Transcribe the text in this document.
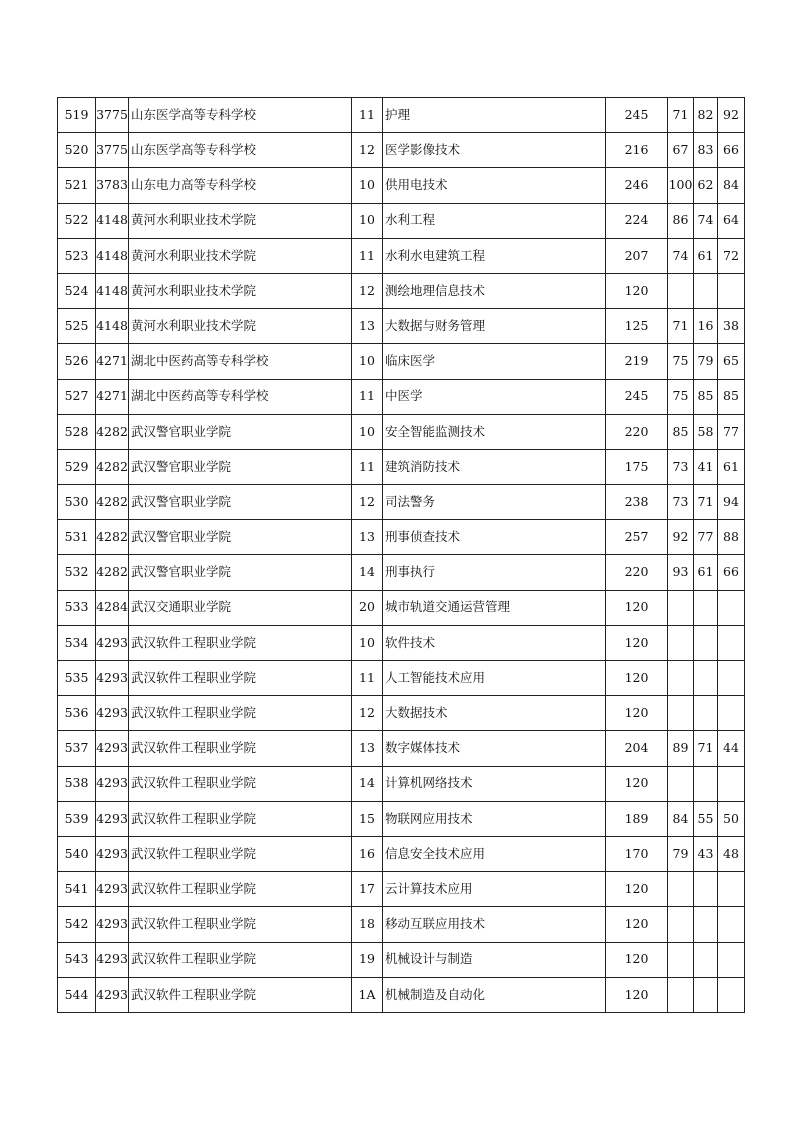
519	3775	山东医学高等专科学校	11	护理	245	71	82	92
520	3775	山东医学高等专科学校	12	医学影像技术	216	67	83	66
521	3783	山东电力高等专科学校	10	供用电技术	246	100	62	84
522	4148	黄河水利职业技术学院	10	水利工程	224	86	74	64
523	4148	黄河水利职业技术学院	11	水利水电建筑工程	207	74	61	72
524	4148	黄河水利职业技术学院	12	测绘地理信息技术	120			
525	4148	黄河水利职业技术学院	13	大数据与财务管理	125	71	16	38
526	4271	湖北中医药高等专科学校	10	临床医学	219	75	79	65
527	4271	湖北中医药高等专科学校	11	中医学	245	75	85	85
528	4282	武汉警官职业学院	10	安全智能监测技术	220	85	58	77
529	4282	武汉警官职业学院	11	建筑消防技术	175	73	41	61
530	4282	武汉警官职业学院	12	司法警务	238	73	71	94
531	4282	武汉警官职业学院	13	刑事侦查技术	257	92	77	88
532	4282	武汉警官职业学院	14	刑事执行	220	93	61	66
533	4284	武汉交通职业学院	20	城市轨道交通运营管理	120			
534	4293	武汉软件工程职业学院	10	软件技术	120			
535	4293	武汉软件工程职业学院	11	人工智能技术应用	120			
536	4293	武汉软件工程职业学院	12	大数据技术	120			
537	4293	武汉软件工程职业学院	13	数字媒体技术	204	89	71	44
538	4293	武汉软件工程职业学院	14	计算机网络技术	120			
539	4293	武汉软件工程职业学院	15	物联网应用技术	189	84	55	50
540	4293	武汉软件工程职业学院	16	信息安全技术应用	170	79	43	48
541	4293	武汉软件工程职业学院	17	云计算技术应用	120			
542	4293	武汉软件工程职业学院	18	移动互联应用技术	120			
543	4293	武汉软件工程职业学院	19	机械设计与制造	120			
544	4293	武汉软件工程职业学院	1A	机械制造及自动化	120			
